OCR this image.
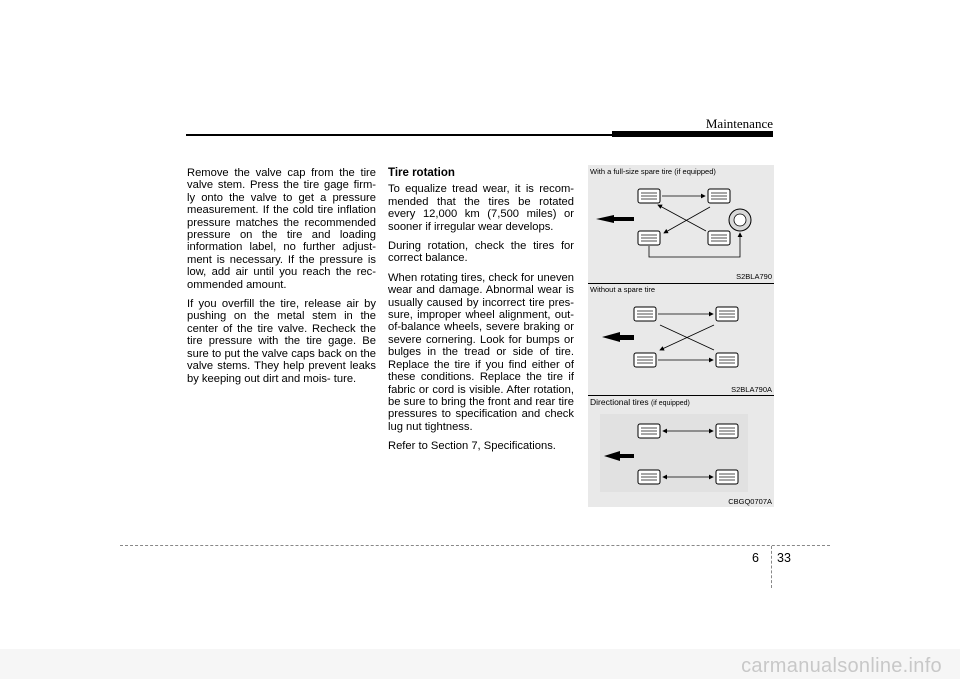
Maintenance

Remove the valve cap from the tire valve stem. Press the tire gage firm- ly onto the valve to get a pressure measurement. If the cold tire inflation pressure matches the recommended pressure on the tire and loading information label, no further adjust- ment is necessary. If the pressure is low, add air until you reach the rec- ommended amount.

If you overfill the tire, release air by pushing on the metal stem in the center of the tire valve. Recheck the tire pressure with the tire gage. Be sure to put the valve caps back on the valve stems. They help prevent leaks by keeping out dirt and mois- ture.

Tire rotation

To equalize tread wear, it is recom- mended that the tires be rotated every 12,000 km (7,500 miles) or sooner if irregular wear develops.

During rotation, check the tires for correct balance.

When rotating tires, check for uneven wear and damage. Abnormal wear is usually caused by incorrect tire pres- sure, improper wheel alignment, out- of-balance wheels, severe braking or severe cornering. Look for bumps or bulges in the tread or side of tire. Replace the tire if you find either of these conditions. Replace the tire if fabric or cord is visible. After rotation, be sure to bring the front and rear tire pressures to specification and check lug nut tightness.

Refer to Section 7, Specifications.

With a full-size spare tire (if equipped)
S2BLA790
Without a spare tire
S2BLA790A
Directional tires (if equipped)
CBGQ0707A
6 33
carmanualsonline.info
